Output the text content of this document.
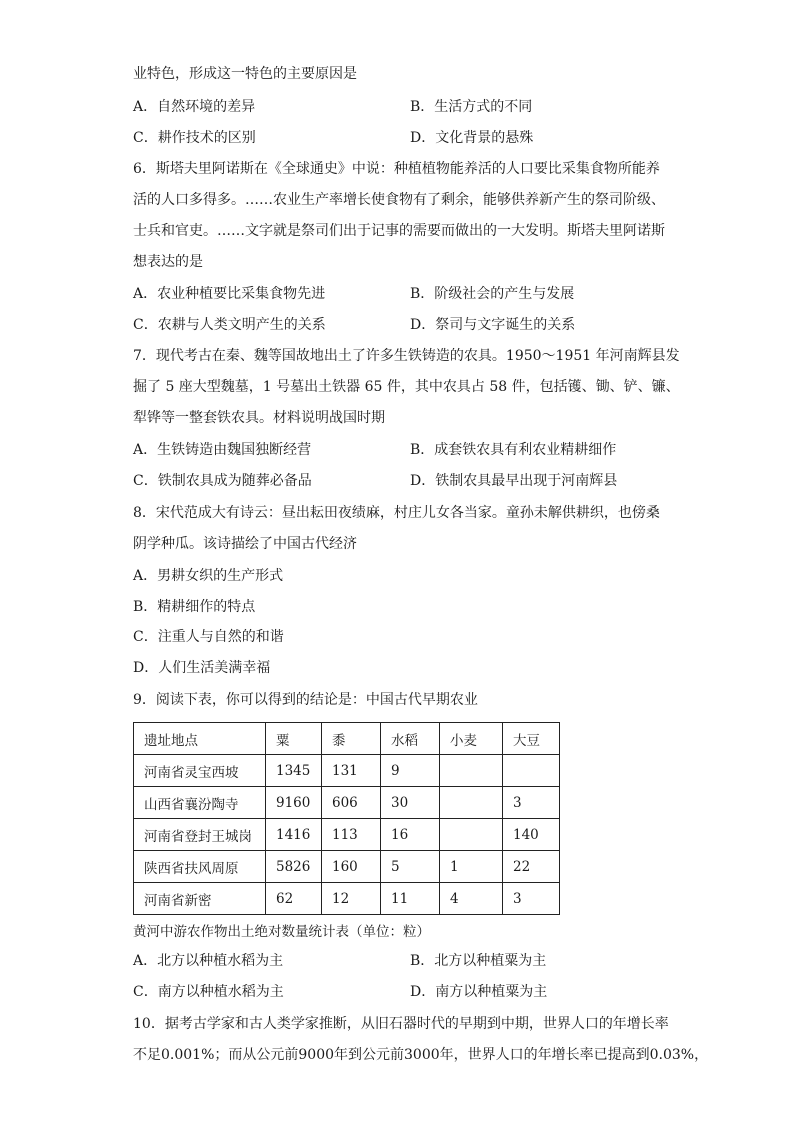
业特色，形成这一特色的主要原因是
A．自然环境的差异	B．生活方式的不同
C．耕作技术的区别	D．文化背景的悬殊
6．斯塔夫里阿诺斯在《全球通史》中说：种植植物能养活的人口要比采集食物所能养
活的人口多得多。……农业生产率增长使食物有了剩余，能够供养新产生的祭司阶级、
士兵和官吏。……文字就是祭司们出于记事的需要而做出的一大发明。斯塔夫里阿诺斯
想表达的是
A．农业种植要比采集食物先进	B．阶级社会的产生与发展
C．农耕与人类文明产生的关系	D．祭司与文字诞生的关系
7．现代考古在秦、魏等国故地出土了许多生铁铸造的农具。1950～1951 年河南辉县发
掘了 5 座大型魏墓，1 号墓出土铁器 65 件，其中农具占 58 件，包括镬、锄、铲、镰、
犁铧等一整套铁农具。材料说明战国时期
A．生铁铸造由魏国独断经营	B．成套铁农具有利农业精耕细作
C．铁制农具成为随葬必备品	D．铁制农具最早出现于河南辉县
8．宋代范成大有诗云：昼出耘田夜绩麻，村庄儿女各当家。童孙未解供耕织，也傍桑
阴学种瓜。该诗描绘了中国古代经济
A．男耕女织的生产形式
B．精耕细作的特点
C．注重人与自然的和谐
D．人们生活美满幸福
9．阅读下表，你可以得到的结论是：中国古代早期农业
遗址地点	粟	黍	水稻	小麦	大豆
河南省灵宝西坡	1345	131	9		
山西省襄汾陶寺	9160	606	30		3
河南省登封王城岗	1416	113	16		140
陕西省扶风周原	5826	160	5	1	22
河南省新密	62	12	11	4	3
黄河中游农作物出土绝对数量统计表（单位：粒）
A．北方以种植水稻为主	B．北方以种植粟为主
C．南方以种植水稻为主	D．南方以种植粟为主
10．据考古学家和古人类学家推断，从旧石器时代的早期到中期，世界人口的年增长率
不足0.001%；而从公元前9000年到公元前3000年，世界人口的年增长率已提高到0.03%，
